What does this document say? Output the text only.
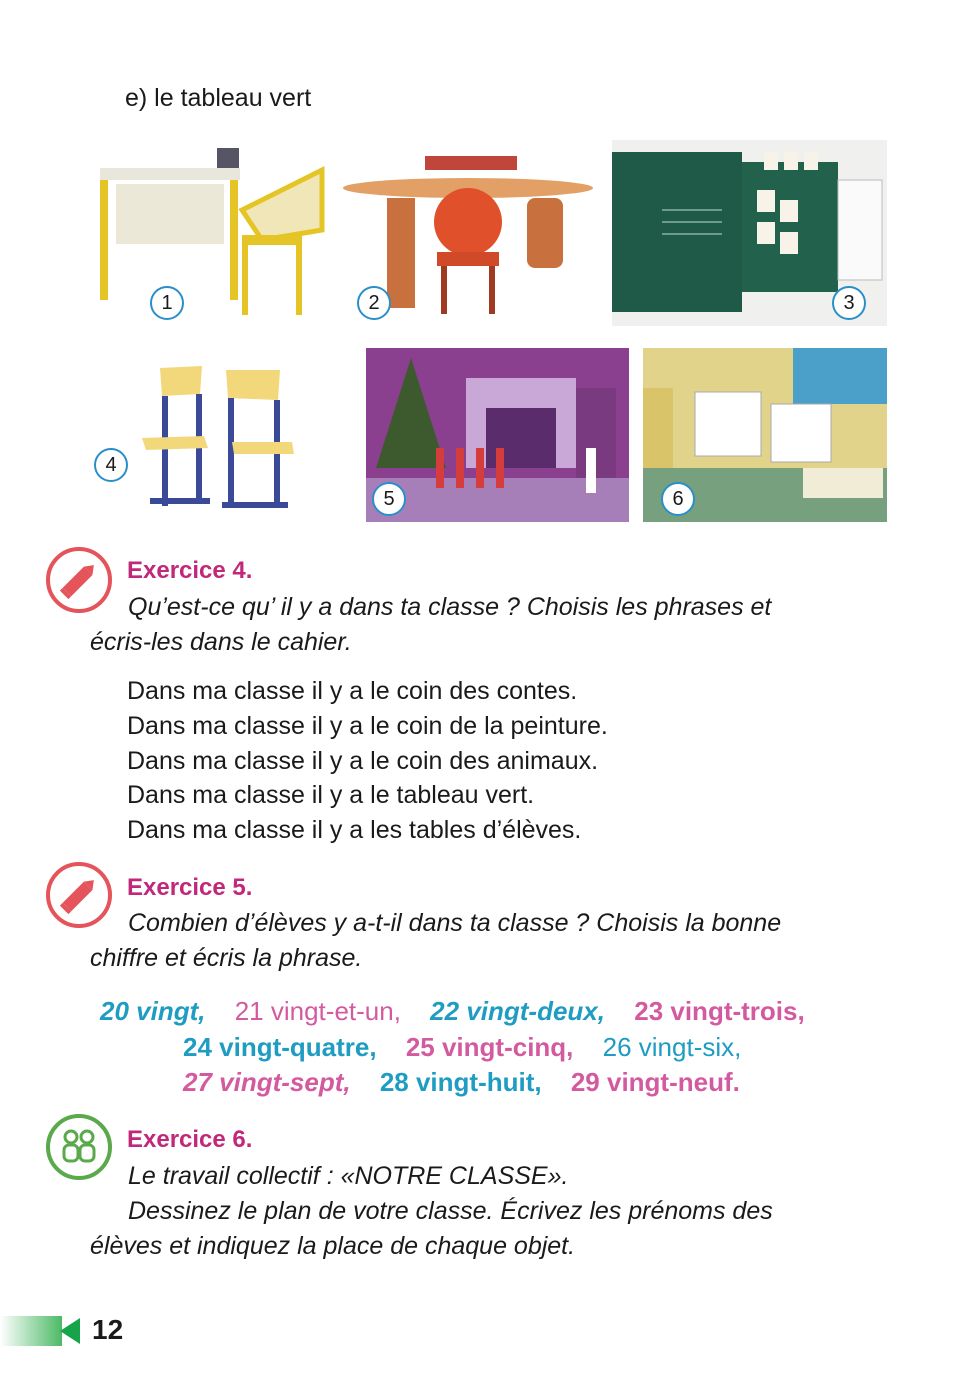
e) le tableau vert
1	2	3
4
5	6
Exercice 4.
Qu’est-ce qu’ il y a dans ta classe ? Choisis les phrases et
écris-les dans le cahier.
Dans ma classe il y a le coin des contes.
Dans ma classe il y a le coin de la peinture.
Dans ma classe il y a le coin des animaux.
Dans ma classe il y a le tableau vert.
Dans ma classe il y a les tables d’élèves.
Exercice 5.
Combien d’élèves y a-t-il dans ta classe ? Choisis la bonne
chiffre et écris la phrase.
20 vingt, 21 vingt-et-un, 22 vingt-deux, 23 vingt-trois,
24 vingt-quatre, 25 vingt-cinq, 26 vingt-six,
27 vingt-sept, 28 vingt-huit, 29 vingt-neuf.
Exercice 6.
Le travail collectif : «NOTRE CLASSE».
Dessinez le plan de votre classe. Écrivez les prénoms des
élèves et indiquez la place de chaque objet.
12
